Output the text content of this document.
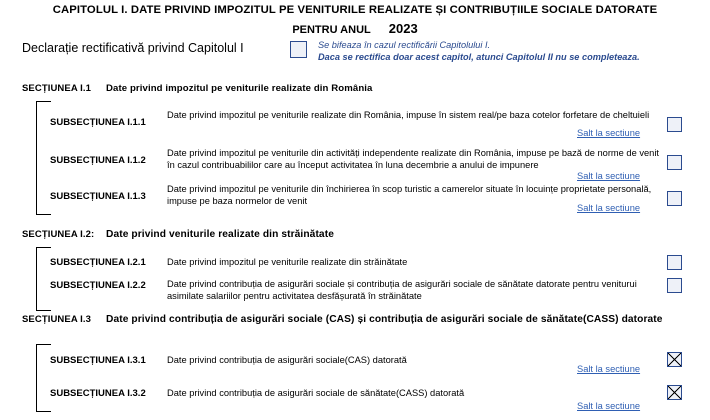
CAPITOLUL I. DATE PRIVIND IMPOZITUL PE VENITURILE REALIZATE ȘI CONTRIBUȚIILE SOCIALE DATORATE
PENTRU ANUL 2023
Declarație rectificativă privind Capitolul I	Se bifeaza în cazul rectificării Capitolului I.
Daca se rectifica doar acest capitol, atunci Capitolul II nu se completeaza.
SECȚIUNEA I.1 Date privind impozitul pe veniturile realizate din România
SUBSECȚIUNEA I.1.1
Date privind impozitul pe veniturile realizate din România, impuse în sistem real/pe baza cotelor forfetare de cheltuieli
Salt la sectiune
SUBSECȚIUNEA I.1.2
Date privind impozitul pe veniturile din activități independente realizate din România, impuse pe bază de norme de venit în cazul contribuabililor care au început activitatea în luna decembrie a anului de impunere
Salt la sectiune
SUBSECȚIUNEA I.1.3
Date privind impozitul pe veniturile din închirierea în scop turistic a camerelor situate în locuințe proprietate personală, impuse pe baza normelor de venit
Salt la sectiune
SECȚIUNEA I.2: Date privind veniturile realizate din străinătate
SUBSECȚIUNEA I.2.1 Date privind impozitul pe veniturile realizate din străinătate
SUBSECȚIUNEA I.2.2 Date privind contribuția de asigurări sociale și contribuția de asigurări sociale de sănătate datorate pentru veniturui asimilate salariilor pentru activitatea desfășurată în străinătate
SECȚIUNEA I.3 Date privind contribuția de asigurări sociale (CAS) și contribuția de asigurări sociale de sănătate(CASS) datorate
SUBSECȚIUNEA I.3.1 Date privind contribuția de asigurări sociale(CAS) datorată
Salt la sectiune
SUBSECȚIUNEA I.3.2 Date privind contribuția de asigurări sociale de sănătate(CASS) datorată
Salt la sectiune
